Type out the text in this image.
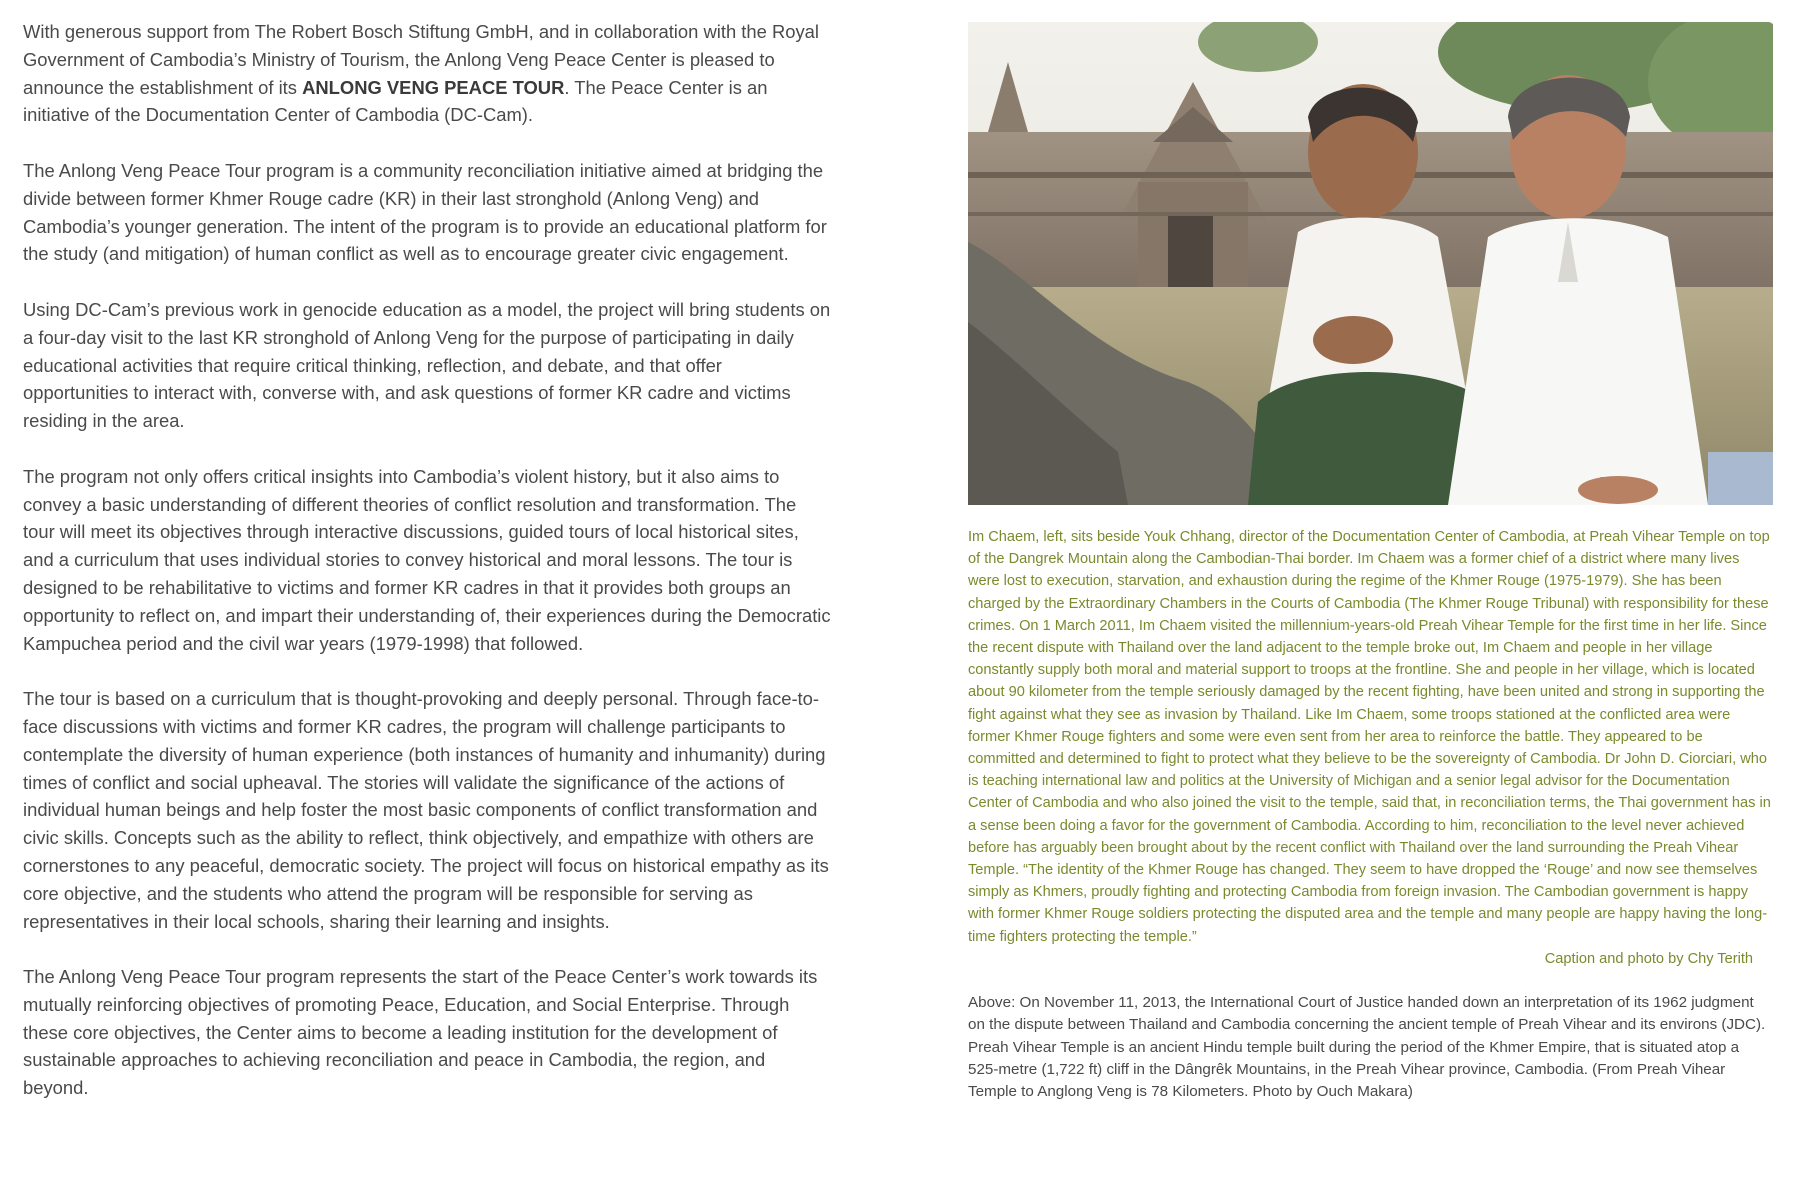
With generous support from The Robert Bosch Stiftung GmbH, and in collaboration with the Royal Government of Cambodia’s Ministry of Tourism, the Anlong Veng Peace Center is pleased to announce the establishment of its ANLONG VENG PEACE TOUR. The Peace Center is an initiative of the Documentation Center of Cambodia (DC-Cam).

The Anlong Veng Peace Tour program is a community reconciliation initiative aimed at bridging the divide between former Khmer Rouge cadre (KR) in their last stronghold (Anlong Veng) and Cambodia’s younger generation. The intent of the program is to provide an educational platform for the study (and mitigation) of human conflict as well as to encourage greater civic engagement.

Using DC-Cam’s previous work in genocide education as a model, the project will bring students on a four-day visit to the last KR stronghold of Anlong Veng for the purpose of participating in daily educational activities that require critical thinking, reflection, and debate, and that offer opportunities to interact with, converse with, and ask questions of former KR cadre and victims residing in the area.

The program not only offers critical insights into Cambodia’s violent history, but it also aims to convey a basic understanding of different theories of conflict resolution and transformation. The tour will meet its objectives through interactive discussions, guided tours of local historical sites, and a curriculum that uses individual stories to convey historical and moral lessons. The tour is designed to be rehabilitative to victims and former KR cadres in that it provides both groups an opportunity to reflect on, and impart their understanding of, their experiences during the Democratic Kampuchea period and the civil war years (1979-1998) that followed.

The tour is based on a curriculum that is thought-provoking and deeply personal. Through face-to-face discussions with victims and former KR cadres, the program will challenge participants to contemplate the diversity of human experience (both instances of humanity and inhumanity) during times of conflict and social upheaval. The stories will validate the significance of the actions of individual human beings and help foster the most basic components of conflict transformation and civic skills. Concepts such as the ability to reflect, think objectively, and empathize with others are cornerstones to any peaceful, democratic society. The project will focus on historical empathy as its core objective, and the students who attend the program will be responsible for serving as representatives in their local schools, sharing their learning and insights.

The Anlong Veng Peace Tour program represents the start of the Peace Center’s work towards its mutually reinforcing objectives of promoting Peace, Education, and Social Enterprise. Through these core objectives, the Center aims to become a leading institution for the development of sustainable approaches to achieving reconciliation and peace in Cambodia, the region, and beyond.

Im Chaem, left, sits beside Youk Chhang, director of the Documentation Center of Cambodia, at Preah Vihear Temple on top of the Dangrek Mountain along the Cambodian-Thai border. Im Chaem was a former chief of a district where many lives were lost to execution, starvation, and exhaustion during the regime of the Khmer Rouge (1975-1979). She has been charged by the Extraordinary Chambers in the Courts of Cambodia (The Khmer Rouge Tribunal) with responsibility for these crimes. On 1 March 2011, Im Chaem visited the millennium-years-old Preah Vihear Temple for the first time in her life. Since the recent dispute with Thailand over the land adjacent to the temple broke out, Im Chaem and people in her village constantly supply both moral and material support to troops at the frontline. She and people in her village, which is located about 90 kilometer from the temple seriously damaged by the recent fighting, have been united and strong in supporting the fight against what they see as invasion by Thailand. Like Im Chaem, some troops stationed at the conflicted area were former Khmer Rouge fighters and some were even sent from her area to reinforce the battle. They appeared to be committed and determined to fight to protect what they believe to be the sovereignty of Cambodia. Dr John D. Ciorciari, who is teaching international law and politics at the University of Michigan and a senior legal advisor for the Documentation Center of Cambodia and who also joined the visit to the temple, said that, in reconciliation terms, the Thai government has in a sense been doing a favor for the government of Cambodia. According to him, reconciliation to the level never achieved before has arguably been brought about by the recent conflict with Thailand over the land surrounding the Preah Vihear Temple. “The identity of the Khmer Rouge has changed. They seem to have dropped the ‘Rouge’ and now see themselves simply as Khmers, proudly fighting and protecting Cambodia from foreign invasion. The Cambodian government is happy with former Khmer Rouge soldiers protecting the disputed area and the temple and many people are happy having the long-time fighters protecting the temple.”

Caption and photo by Chy Terith

Above: On November 11, 2013, the International Court of Justice handed down an interpretation of its 1962 judgment on the dispute between Thailand and Cambodia concerning the ancient temple of Preah Vihear and its environs (JDC). Preah Vihear Temple is an ancient Hindu temple built during the period of the Khmer Empire, that is situated atop a 525-metre (1,722 ft) cliff in the Dângrêk Mountains, in the Preah Vihear province, Cambodia. (From Preah Vihear Temple to Anglong Veng is 78 Kilometers. Photo by Ouch Makara)
